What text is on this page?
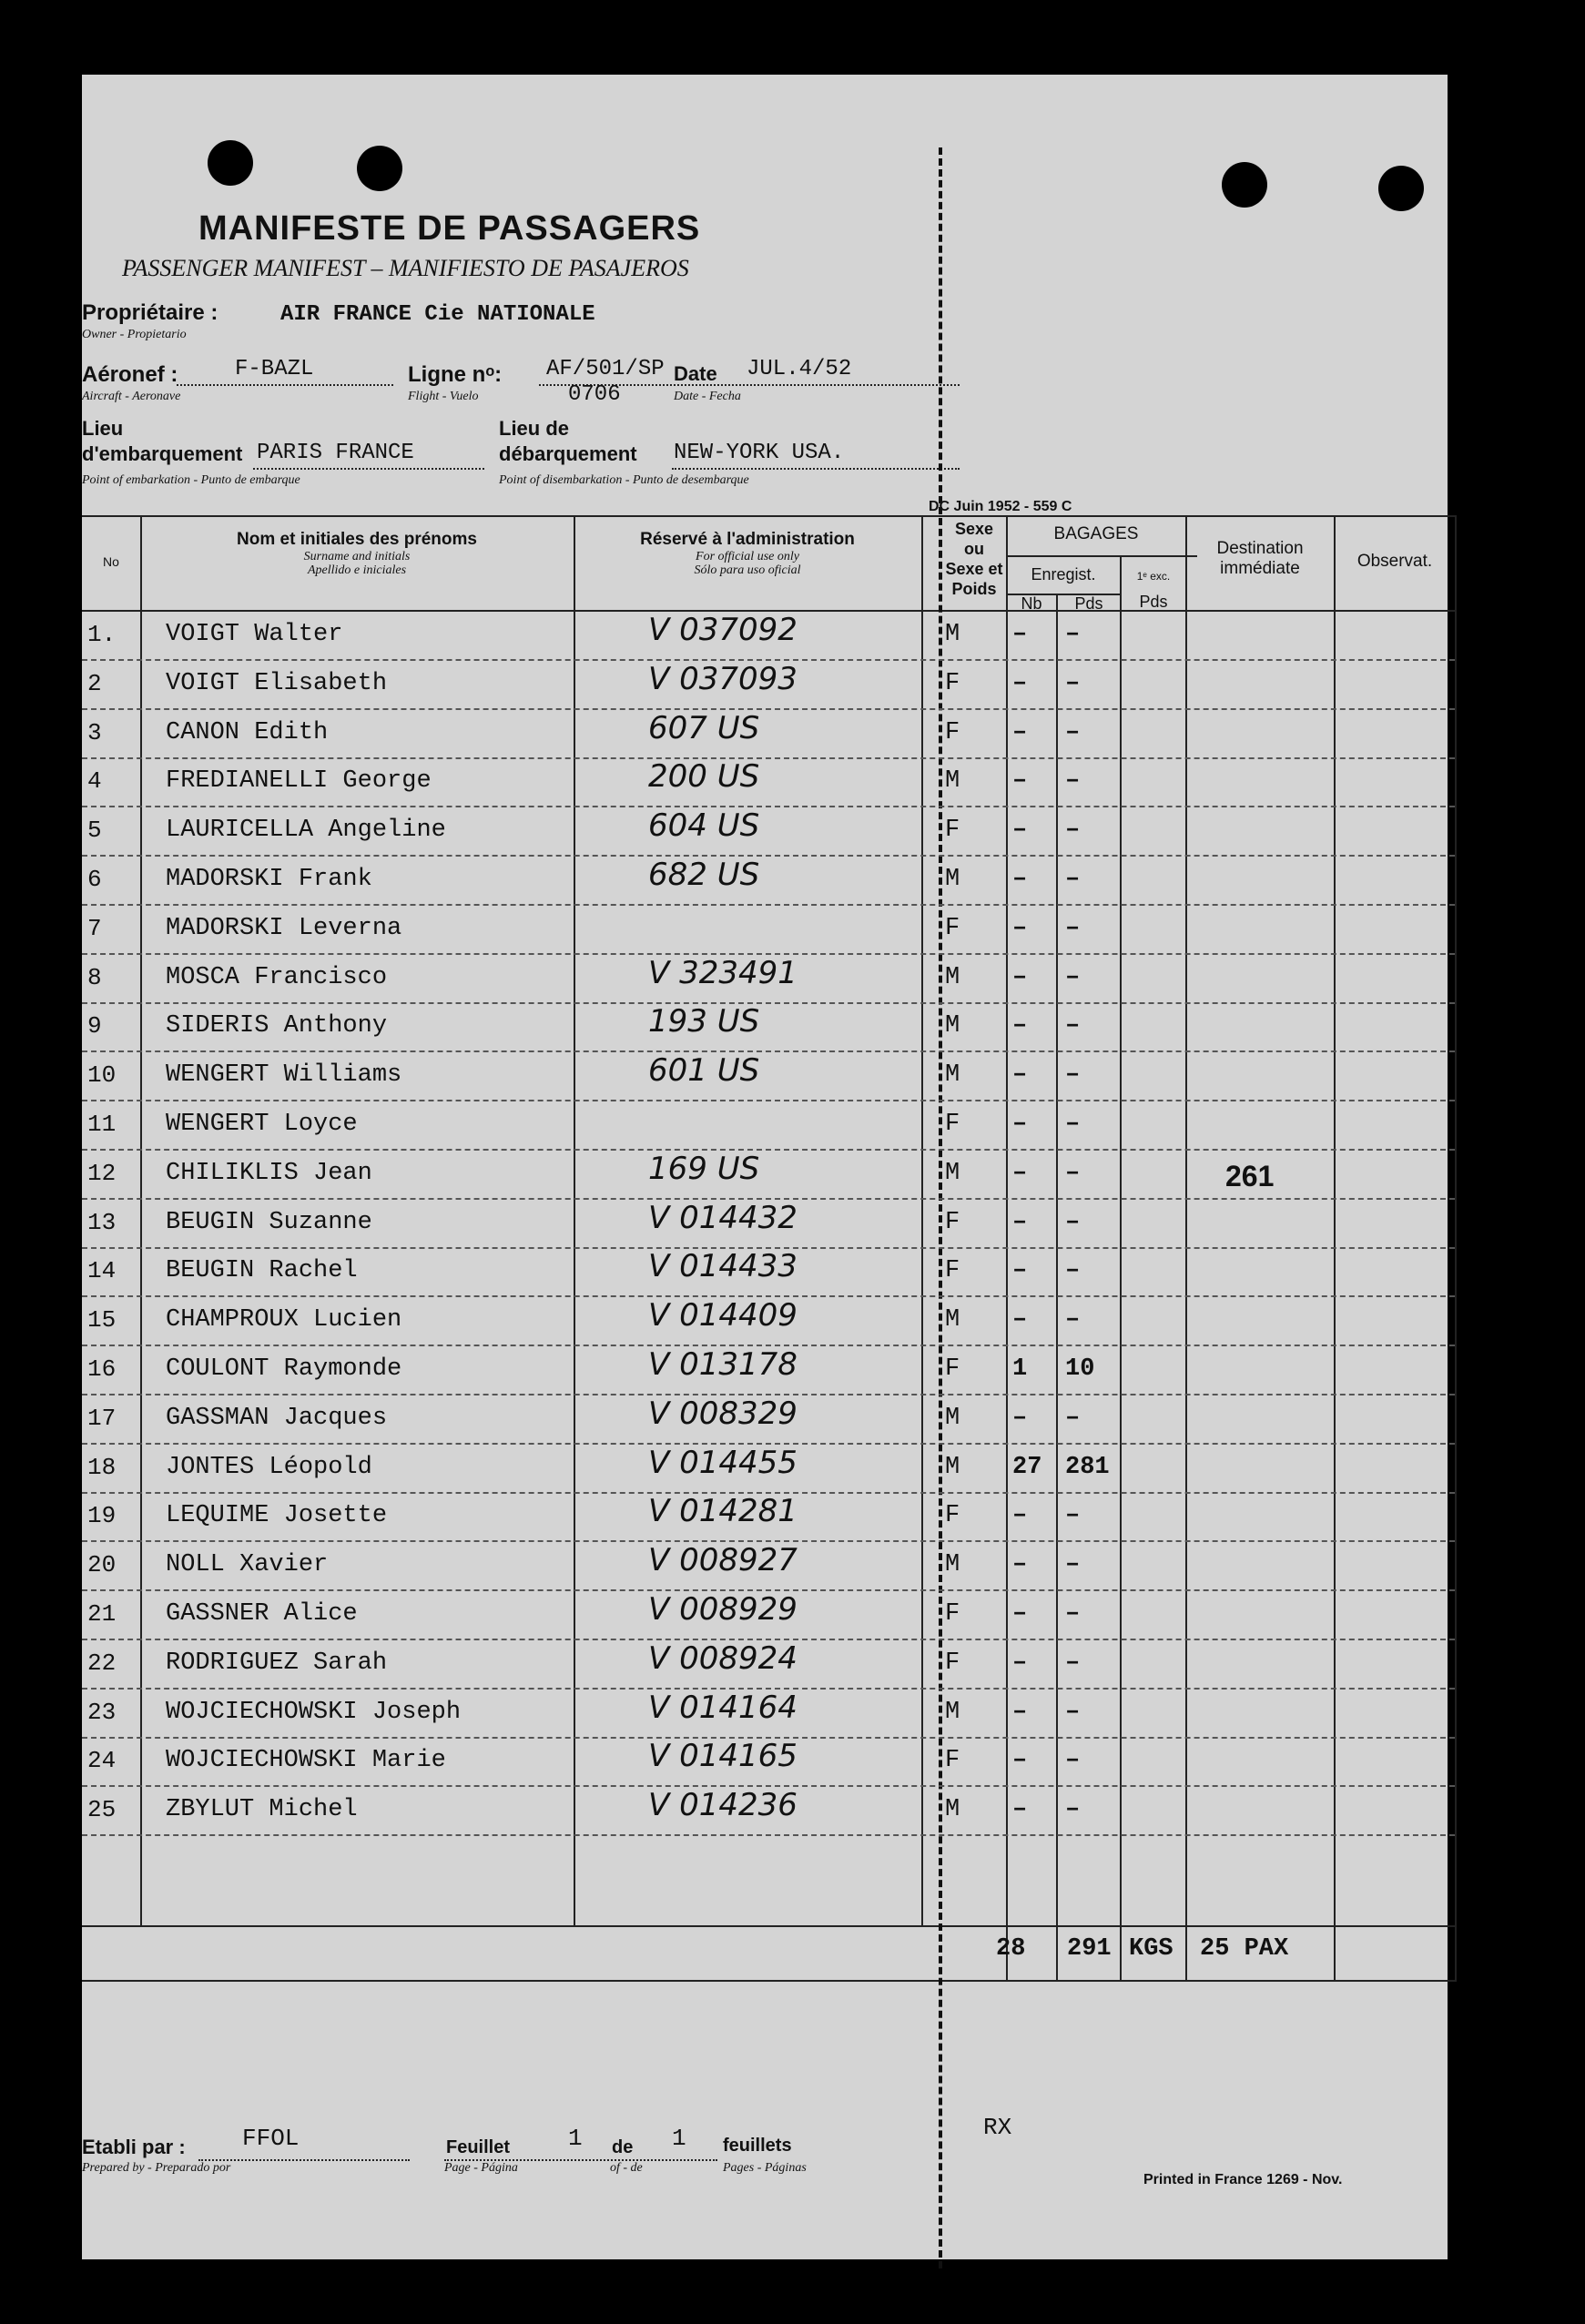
MANIFESTE DE PASSAGERS
PASSENGER MANIFEST – MANIFIESTO DE PASAJEROS
Propriétaire :
Owner - Propietario
AIR FRANCE Cie NATIONALE
Aéronef :
Aircraft - Aeronave
F-BAZL	Ligne nᵒ:
Flight - Vuelo
AF/501/SP
0706
Date
Date - Fecha
JUL.4/52
Lieu
d'embarquement
Point of embarkation - Punto de embarque
PARIS FRANCE
Lieu de
débarquement
Point of disembarkation - Punto de desembarque
NEW-YORK USA.
DC Juin 1952 - 559 C
No
Nom et initiales des prénoms
Surname and initials
Apellido e iniciales
Réservé à l'administration
For official use only
Sólo para uso oficial
Sexe
ou
Sexe et
Poids
BAGAGES
Enregist.
Nb	Pds
1ᵉ exc.
Pds
Destination
immédiate	Observat.
1. VOIGT Walter	V 037092	M – –
2	VOIGT Elisabeth	V 037093	F – –
3	CANON Edith	607 US	F – –
4	FREDIANELLI George	200 US	M – –
5	LAURICELLA Angeline	604 US	F – –
6	MADORSKI Frank	682 US	M – –
7	MADORSKI Leverna	F – –
8	MOSCA Francisco	V 323491	M – –
9	SIDERIS Anthony	193 US	M – –
10 WENGERT Williams	601 US	M – –
11 WENGERT Loyce	F – –
12 CHILIKLIS Jean	169 US	M – –	261
13 BEUGIN Suzanne	V 014432	F – –
14 BEUGIN Rachel	V 014433	F – –
15 CHAMPROUX Lucien	V 014409	M – –
16 COULONT Raymonde	V 013178	F 1 10
17 GASSMAN Jacques	V 008329	M – –
18 JONTES Léopold	V 014455	M 27 281
19 LEQUIME Josette	V 014281	F – –
20 NOLL Xavier	V 008927	M – –
21 GASSNER Alice	V 008929	F – –
22 RODRIGUEZ Sarah	V 008924	F – –
23 WOJCIECHOWSKI Joseph	V 014164	M – –
24 WOJCIECHOWSKI Marie	V 014165	F – –
25 ZBYLUT Michel	V 014236	M – –
28 291 KGS 25 PAX
RX
Etabli par :
Prepared by - Preparado por
FFOL	Feuillet
Page - Página
1 de
of - de
1 feuillets
Pages - Páginas
Printed in France 1269 - Nov.
